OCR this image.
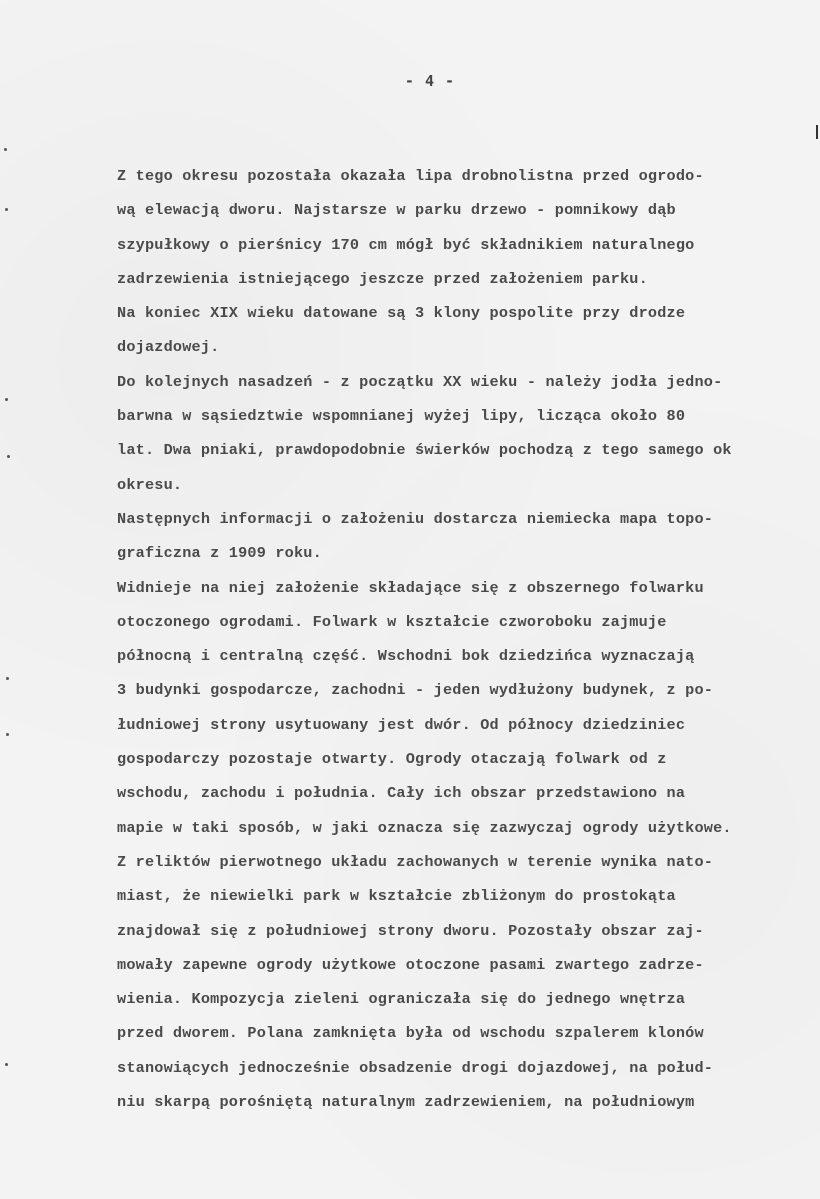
- 4 -
Z tego okresu pozostała okazała lipa drobnolistna przed ogrodo-
wą elewacją dworu. Najstarsze w parku drzewo - pomnikowy dąb
szypułkowy o pierśnicy 170 cm mógł być składnikiem naturalnego
zadrzewienia istniejącego jeszcze przed założeniem parku.
Na koniec XIX wieku datowane są 3 klony pospolite przy drodze
dojazdowej.
Do kolejnych nasadzeń - z początku XX wieku - należy jodła jedno-
barwna w sąsiedztwie wspomnianej wyżej lipy, licząca około 80
lat. Dwa pniaki, prawdopodobnie świerków pochodzą z tego samego ok
okresu.
Następnych informacji o założeniu dostarcza niemiecka mapa topo-
graficzna z 1909 roku.
Widnieje na niej założenie składające się z obszernego folwarku
otoczonego ogrodami. Folwark w kształcie czworoboku zajmuje
północną i centralną część. Wschodni bok dziedzińca wyznaczają
3 budynki gospodarcze, zachodni - jeden wydłużony budynek, z po-
łudniowej strony usytuowany jest dwór. Od północy dziedziniec
gospodarczy pozostaje otwarty. Ogrody otaczają folwark od z
wschodu, zachodu i południa. Cały ich obszar przedstawiono na
mapie w taki sposób, w jaki oznacza się zazwyczaj ogrody użytkowe.
Z reliktów pierwotnego układu zachowanych w terenie wynika nato-
miast, że niewielki park w kształcie zbliżonym do prostokąta
znajdował się z południowej strony dworu. Pozostały obszar zaj-
mowały zapewne ogrody użytkowe otoczone pasami zwartego zadrze-
wienia. Kompozycja zieleni ograniczała się do jednego wnętrza
przed dworem. Polana zamknięta była od wschodu szpalerem klonów
stanowiących jednocześnie obsadzenie drogi dojazdowej, na połud-
niu skarpą porośniętą naturalnym zadrzewieniem, na południowym
